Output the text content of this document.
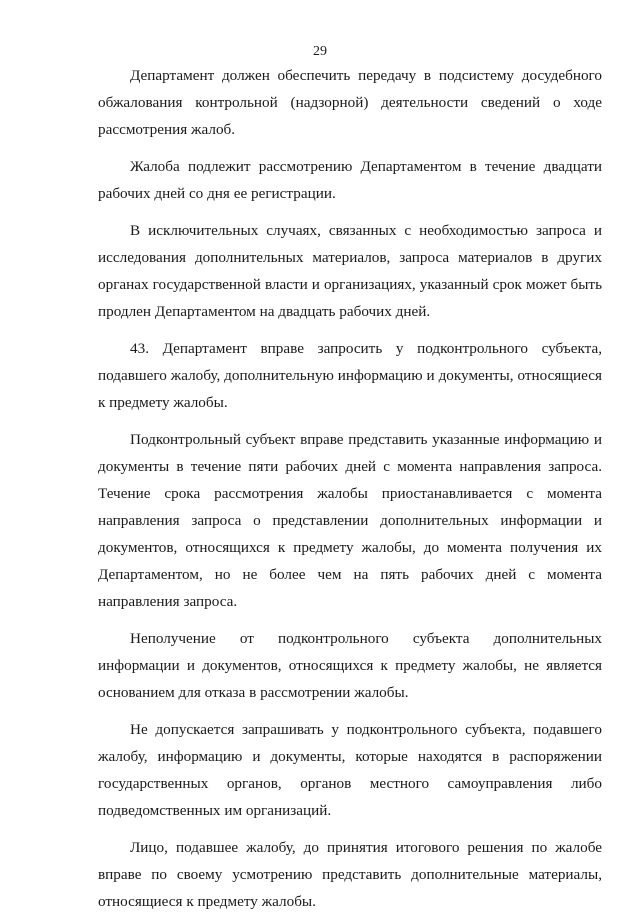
29

Департамент должен обеспечить передачу в подсистему досудебного обжалования контрольной (надзорной) деятельности сведений о ходе рассмотрения жалоб.

Жалоба подлежит рассмотрению Департаментом в течение двадцати рабочих дней со дня ее регистрации.

В исключительных случаях, связанных с необходимостью запроса и исследования дополнительных материалов, запроса материалов в других органах государственной власти и организациях, указанный срок может быть продлен Департаментом на двадцать рабочих дней.

43. Департамент вправе запросить у подконтрольного субъекта, подавшего жалобу, дополнительную информацию и документы, относящиеся к предмету жалобы.

Подконтрольный субъект вправе представить указанные информацию и документы в течение пяти рабочих дней с момента направления запроса. Течение срока рассмотрения жалобы приостанавливается с момента направления запроса о представлении дополнительных информации и документов, относящихся к предмету жалобы, до момента получения их Департаментом, но не более чем на пять рабочих дней с момента направления запроса.

Неполучение от подконтрольного субъекта дополнительных информации и документов, относящихся к предмету жалобы, не является основанием для отказа в рассмотрении жалобы.

Не допускается запрашивать у подконтрольного субъекта, подавшего жалобу, информацию и документы, которые находятся в распоряжении государственных органов, органов местного самоуправления либо подведомственных им организаций.

Лицо, подавшее жалобу, до принятия итогового решения по жалобе вправе по своему усмотрению представить дополнительные материалы, относящиеся к предмету жалобы.
